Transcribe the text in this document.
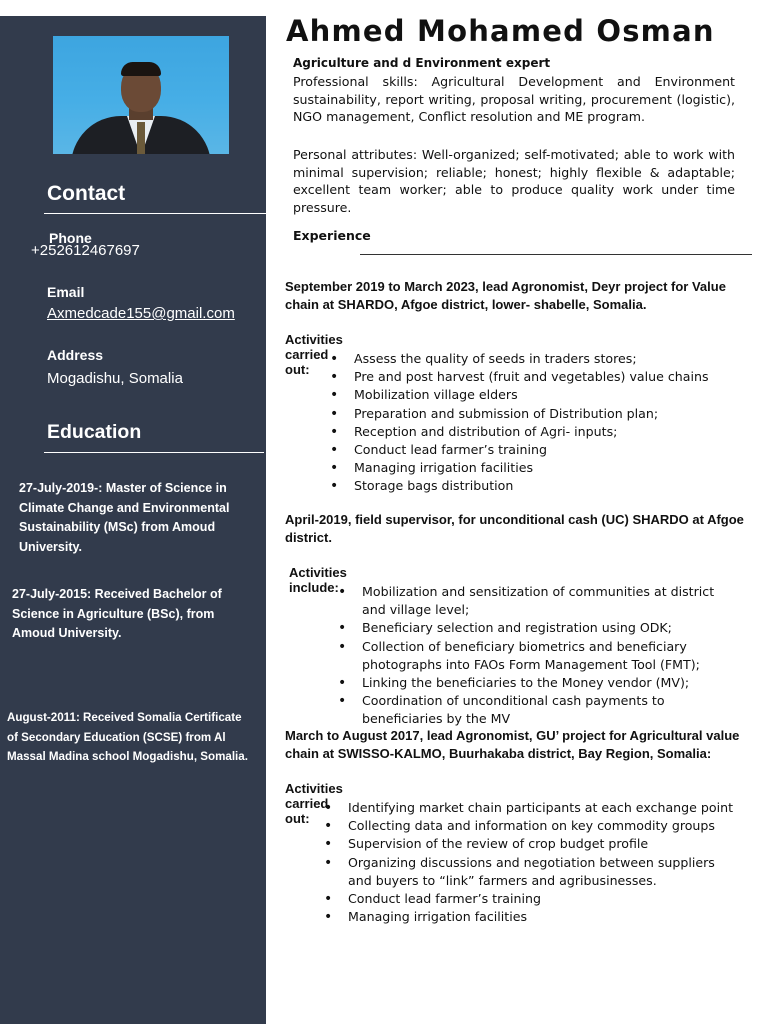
Contact
Phone
+252612467697
Email
Axmedcade155@gmail.com
Address
Mogadishu, Somalia
Education
27-July-2019-: Master of Science in Climate Change and Environmental Sustainability (MSc) from Amoud University.
27-July-2015: Received Bachelor of Science in Agriculture (BSc), from Amoud University.
August-2011: Received Somalia Certificate of Secondary Education (SCSE) from Al Massal Madina school Mogadishu, Somalia.
Ahmed Mohamed Osman
Agriculture and d Environment expert
Professional skills: Agricultural Development and Environment sustainability, report writing, proposal writing, procurement (logistic), NGO management, Conflict resolution and ME program.
Personal attributes: Well-organized; self-motivated; able to work with minimal supervision; reliable; honest; highly flexible & adaptable; excellent team worker; able to produce quality work under time pressure.
Experience
September 2019 to March 2023, lead Agronomist, Deyr project for Value chain at SHARDO, Afgoe district, lower- shabelle, Somalia.
Activities carried out:
• Assess the quality of seeds in traders stores;
• Pre and post harvest (fruit and vegetables) value chains
• Mobilization village elders
• Preparation and submission of Distribution plan;
• Reception and distribution of Agri- inputs;
• Conduct lead farmer’s training
• Managing irrigation facilities
• Storage bags distribution
April-2019, field supervisor, for unconditional cash (UC) SHARDO at Afgoe district.
Activities include:
•	Mobilization and sensitization of communities at district and village level;
• Beneficiary selection and registration using ODK;
• Collection of beneficiary biometrics and beneficiary photographs into FAOs Form Management Tool (FMT);
• Linking the beneficiaries to the Money vendor (MV);
• Coordination of unconditional cash payments to beneficiaries by the MV
March to August 2017, lead Agronomist, GU’ project for Agricultural value chain at SWISSO-KALMO, Buurhakaba district, Bay Region, Somalia:
Activities carried out:
• Identifying market chain participants at each exchange point
• Collecting data and information on key commodity groups
• Supervision of the review of crop budget profile
• Organizing discussions and negotiation between suppliers and buyers to “link” farmers and agribusinesses.
• Conduct lead farmer’s training
• Managing irrigation facilities
